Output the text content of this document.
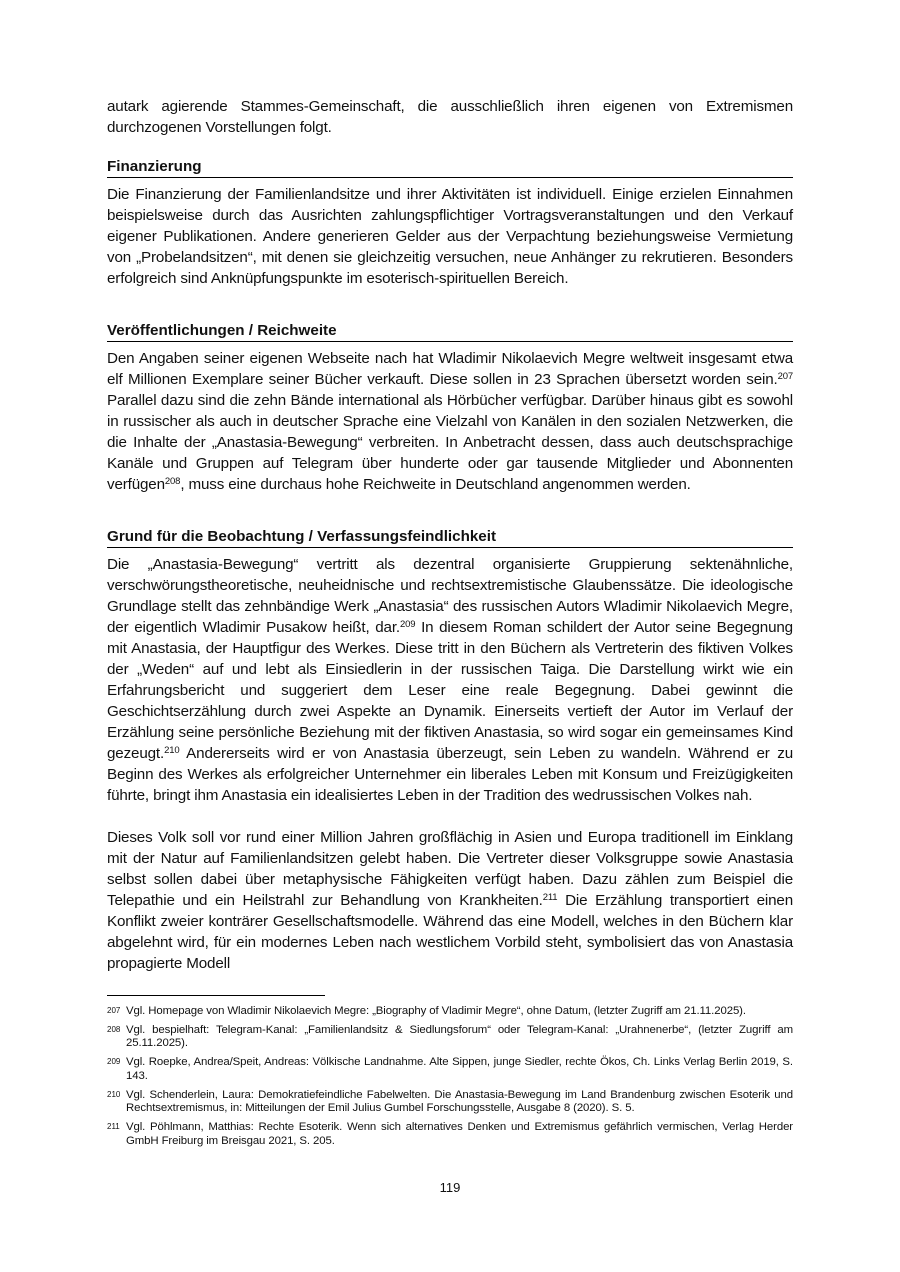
autark agierende Stammes-Gemeinschaft, die ausschließlich ihren eigenen von Extremismen durchzogenen Vorstellungen folgt.

Finanzierung

Die Finanzierung der Familienlandsitze und ihrer Aktivitäten ist individuell. Einige erzielen Einnahmen beispielsweise durch das Ausrichten zahlungspflichtiger Vortragsveranstaltungen und den Verkauf eigener Publikationen. Andere generieren Gelder aus der Verpachtung beziehungsweise Vermietung von „Probelandsitzen“, mit denen sie gleichzeitig versuchen, neue Anhänger zu rekrutieren. Besonders erfolgreich sind Anknüpfungspunkte im esoterisch-spirituellen Bereich.

Veröffentlichungen / Reichweite

Den Angaben seiner eigenen Webseite nach hat Wladimir Nikolaevich Megre weltweit insgesamt etwa elf Millionen Exemplare seiner Bücher verkauft. Diese sollen in 23 Sprachen übersetzt worden sein.$^{207}$ Parallel dazu sind die zehn Bände international als Hörbücher verfügbar. Darüber hinaus gibt es sowohl in russischer als auch in deutscher Sprache eine Vielzahl von Kanälen in den sozialen Netzwerken, die die Inhalte der „Anastasia-Bewegung“ verbreiten. In Anbetracht dessen, dass auch deutschsprachige Kanäle und Gruppen auf Telegram über hunderte oder gar tausende Mitglieder und Abonnenten verfügen$^{208}$, muss eine durchaus hohe Reichweite in Deutschland angenommen werden.

Grund für die Beobachtung / Verfassungsfeindlichkeit

Die „Anastasia-Bewegung“ vertritt als dezentral organisierte Gruppierung sektenähnliche, verschwörungstheoretische, neuheidnische und rechtsextremistische Glaubenssätze. Die ideologische Grundlage stellt das zehnbändige Werk „Anastasia“ des russischen Autors Wladimir Nikolaevich Megre, der eigentlich Wladimir Pusakow heißt, dar.$^{209}$ In diesem Roman schildert der Autor seine Begegnung mit Anastasia, der Hauptfigur des Werkes. Diese tritt in den Büchern als Vertreterin des fiktiven Volkes der „Weden“ auf und lebt als Einsiedlerin in der russischen Taiga. Die Darstellung wirkt wie ein Erfahrungsbericht und suggeriert dem Leser eine reale Begegnung. Dabei gewinnt die Geschichtserzählung durch zwei Aspekte an Dynamik. Einerseits vertieft der Autor im Verlauf der Erzählung seine persönliche Beziehung mit der fiktiven Anastasia, so wird sogar ein gemeinsames Kind gezeugt.$^{210}$ Andererseits wird er von Anastasia überzeugt, sein Leben zu wandeln. Während er zu Beginn des Werkes als erfolgreicher Unternehmer ein liberales Leben mit Konsum und Freizügigkeiten führte, bringt ihm Anastasia ein idealisiertes Leben in der Tradition des wedrussischen Volkes nah.

Dieses Volk soll vor rund einer Million Jahren großflächig in Asien und Europa traditionell im Einklang mit der Natur auf Familienlandsitzen gelebt haben. Die Vertreter dieser Volksgruppe sowie Anastasia selbst sollen dabei über metaphysische Fähigkeiten verfügt haben. Dazu zählen zum Beispiel die Telepathie und ein Heilstrahl zur Behandlung von Krankheiten.$^{211}$ Die Erzählung transportiert einen Konflikt zweier konträrer Gesellschaftsmodelle. Während das eine Modell, welches in den Büchern klar abgelehnt wird, für ein modernes Leben nach westlichem Vorbild steht, symbolisiert das von Anastasia propagierte Modell

207 Vgl. Homepage von Wladimir Nikolaevich Megre: „Biography of Vladimir Megre“, ohne Datum, (letzter Zugriff am 21.11.2025).
208 Vgl. bespielhaft: Telegram-Kanal: „Familienlandsitz & Siedlungsforum“ oder Telegram-Kanal: „Urahnenerbe“, (letzter Zugriff am 25.11.2025).
209 Vgl. Roepke, Andrea/Speit, Andreas: Völkische Landnahme. Alte Sippen, junge Siedler, rechte Ökos, Ch. Links Verlag Berlin 2019, S. 143.
210 Vgl. Schenderlein, Laura: Demokratiefeindliche Fabelwelten. Die Anastasia-Bewegung im Land Brandenburg zwischen Esoterik und Rechtsextremismus, in: Mitteilungen der Emil Julius Gumbel Forschungsstelle, Ausgabe 8 (2020). S. 5.
211 Vgl. Pöhlmann, Matthias: Rechte Esoterik. Wenn sich alternatives Denken und Extremismus gefährlich vermischen, Verlag Herder GmbH Freiburg im Breisgau 2021, S. 205.
119
